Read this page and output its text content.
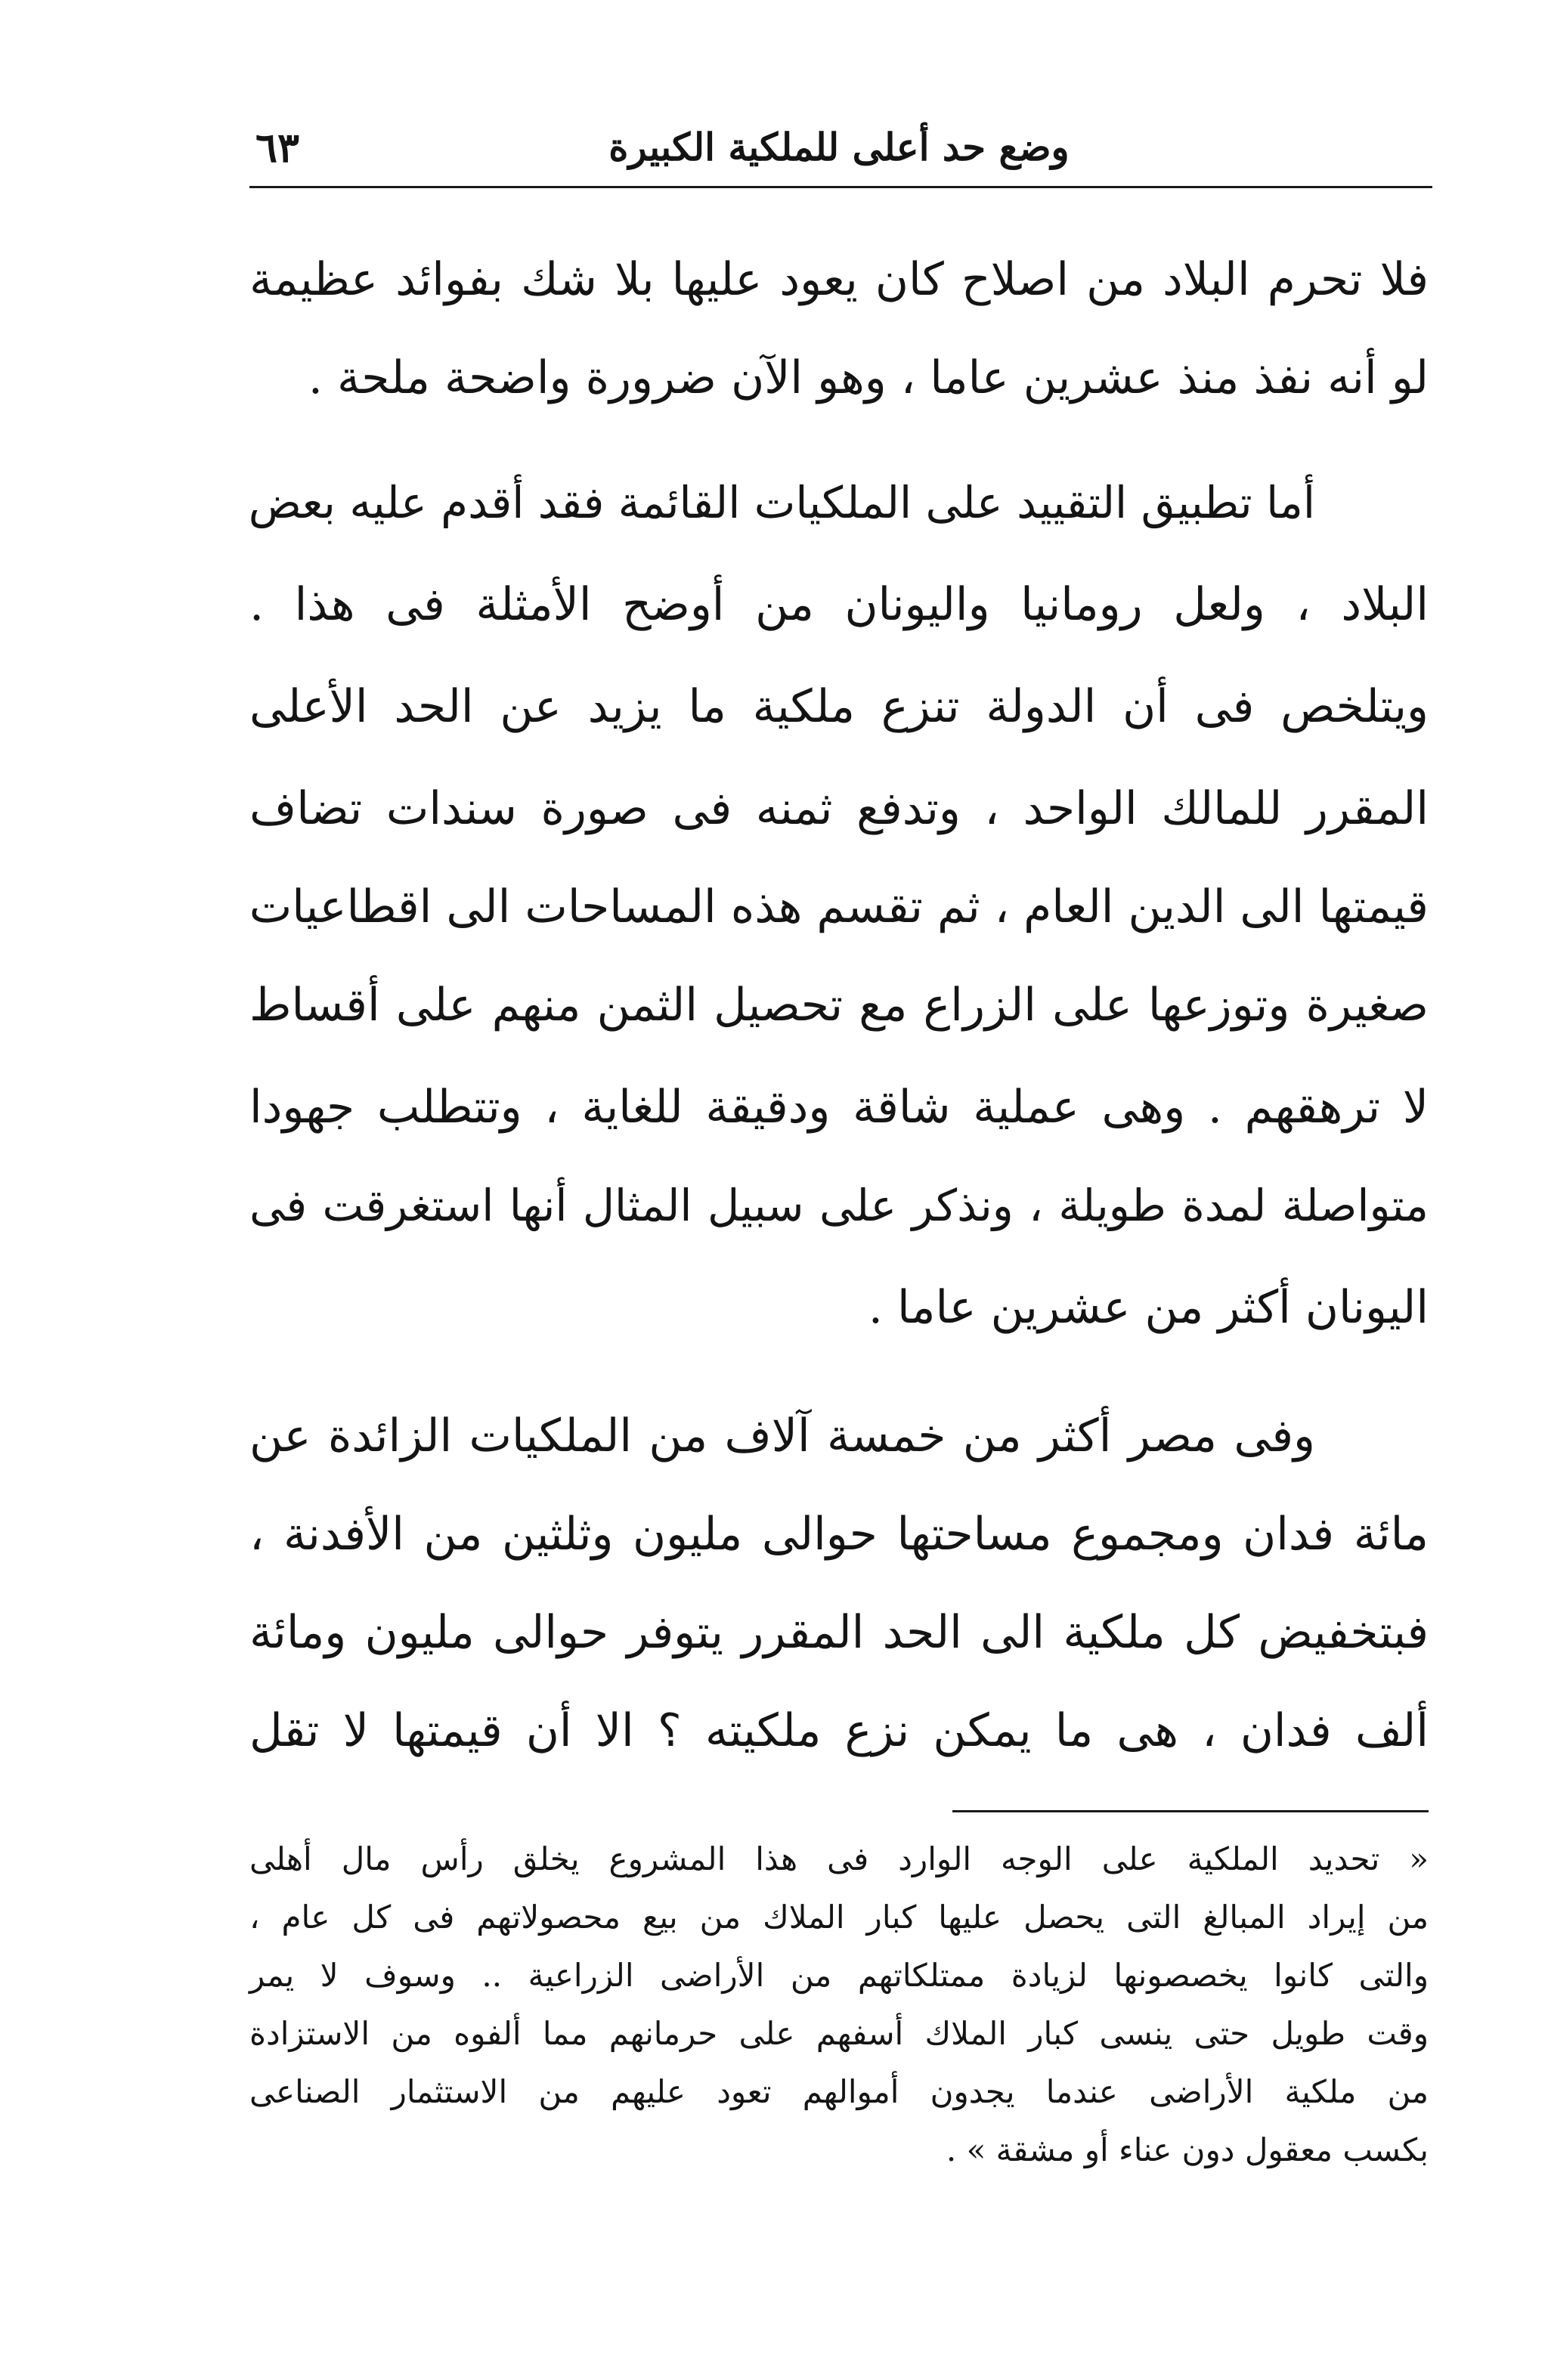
وضع حد أعلى للملكية الكبيرة
٦٣
فلا تحرم البلاد من اصلاح كان يعود عليها بلا شك بفوائد عظيمة
لو أنه نفذ منذ عشرين عاما ، وهو الآن ضرورة واضحة ملحة .
أما تطبيق التقييد على الملكيات القائمة فقد أقدم عليه بعض
البلاد ، ولعل رومانيا واليونان من أوضح الأمثلة فى هذا .
ويتلخص فى أن الدولة تنزع ملكية ما يزيد عن الحد الأعلى
المقرر للمالك الواحد ، وتدفع ثمنه فى صورة سندات تضاف
قيمتها الى الدين العام ، ثم تقسم هذه المساحات الى اقطاعيات
صغيرة وتوزعها على الزراع مع تحصيل الثمن منهم على أقساط
لا ترهقهم . وهى عملية شاقة ودقيقة للغاية ، وتتطلب جهودا
متواصلة لمدة طويلة ، ونذكر على سبيل المثال أنها استغرقت فى
اليونان أكثر من عشرين عاما .
وفى مصر أكثر من خمسة آلاف من الملكيات الزائدة عن
مائة فدان ومجموع مساحتها حوالى مليون وثلثين من الأفدنة ،
فبتخفيض كل ملكية الى الحد المقرر يتوفر حوالى مليون ومائة
ألف فدان ، هى ما يمكن نزع ملكيته ؟ الا أن قيمتها لا تقل
« تحديد الملكية على الوجه الوارد فى هذا المشروع يخلق رأس مال أهلى
من إيراد المبالغ التى يحصل عليها كبار الملاك من بيع محصولاتهم فى كل عام ،
والتى كانوا يخصصونها لزيادة ممتلكاتهم من الأراضى الزراعية .. وسوف لا يمر
وقت طويل حتى ينسى كبار الملاك أسفهم على حرمانهم مما ألفوه من الاستزادة
من ملكية الأراضى عندما يجدون أموالهم تعود عليهم من الاستثمار الصناعى
بكسب معقول دون عناء أو مشقة » .
